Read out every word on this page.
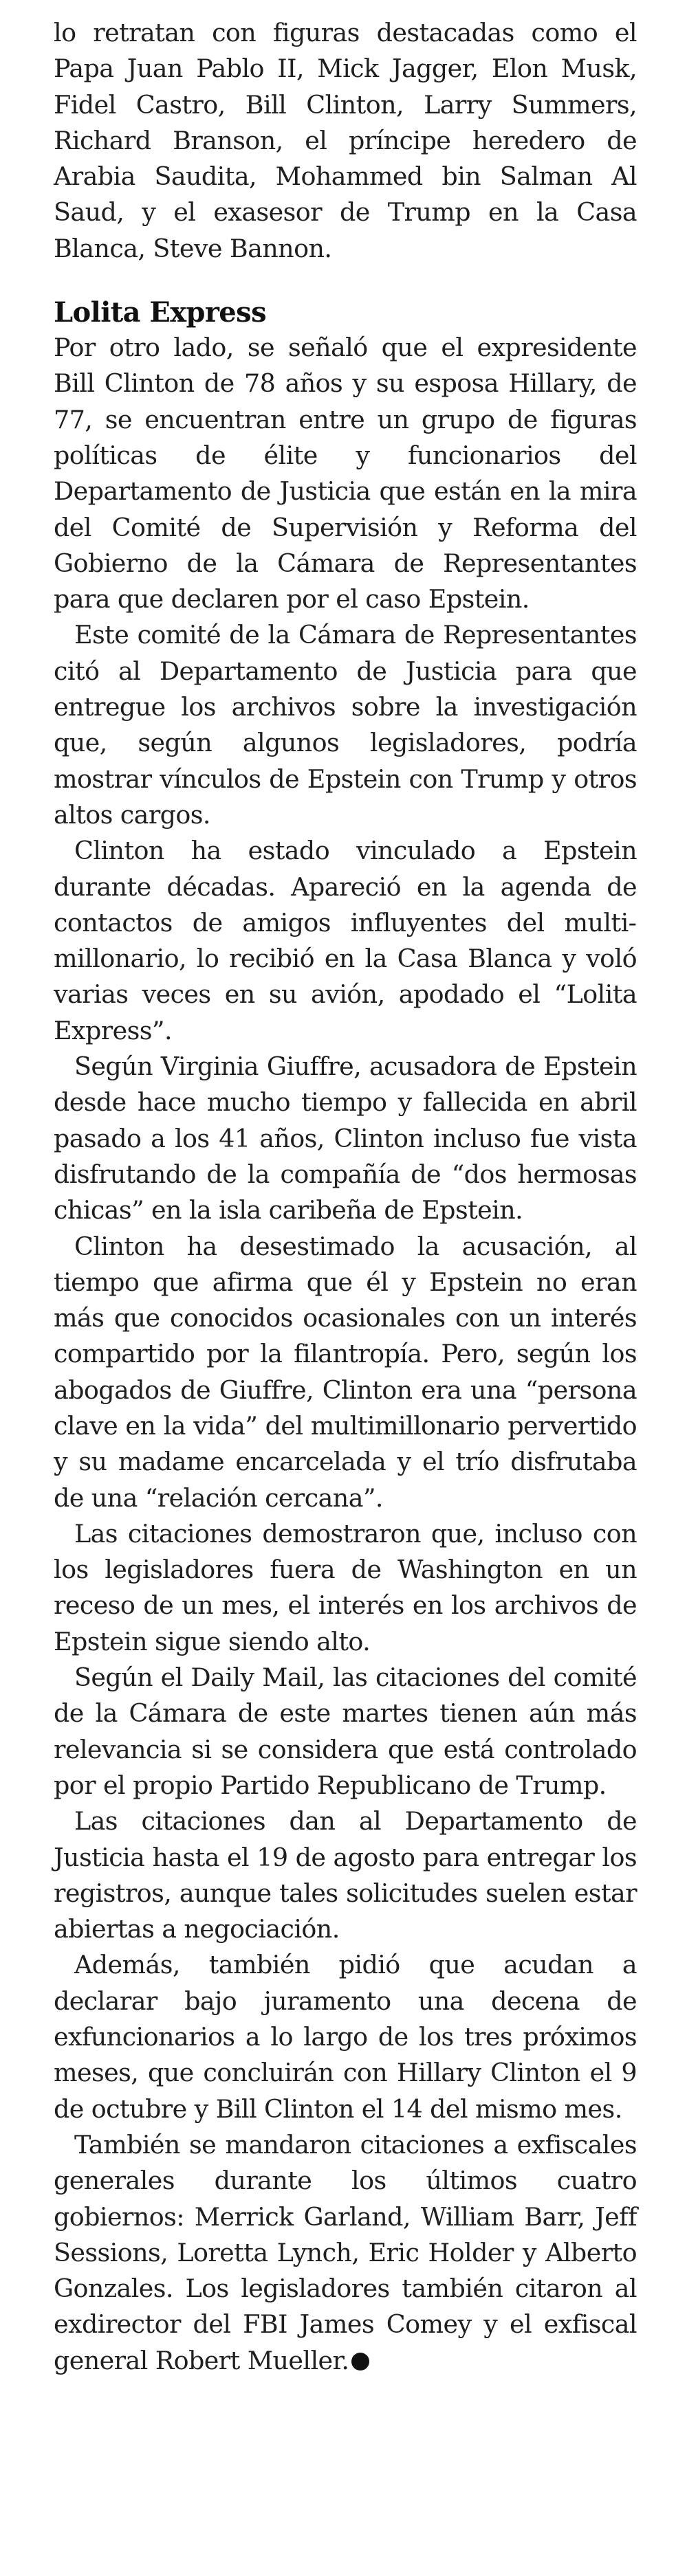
lo retratan con figuras destacadas como el Papa Juan Pablo II, Mick Jagger, Elon Musk, Fidel Castro, Bill Clinton, Larry Summers, Richard Branson, el príncipe heredero de Arabia Saudita, Mohammed bin Salman Al Saud, y el exasesor de Trump en la Casa Blanca, Steve Bannon.

Lolita Express

Por otro lado, se señaló que el expresidente Bill Clinton de 78 años y su esposa Hillary, de 77, se encuentran entre un grupo de figuras políticas de élite y funcionarios del Departamento de Justicia que están en la mira del Comité de Supervisión y Reforma del Gobierno de la Cámara de Representantes para que declaren por el caso Epstein.

Este comité de la Cámara de Representantes citó al Departamento de Justicia para que entregue los archivos sobre la investigación que, según algunos legisladores, podría mostrar vínculos de Epstein con Trump y otros altos cargos.

Clinton ha estado vinculado a Epstein durante décadas. Apareció en la agenda de contactos de amigos influyentes del multimillonario, lo recibió en la Casa Blanca y voló varias veces en su avión, apodado el “Lolita Express”.

Según Virginia Giuffre, acusadora de Epstein desde hace mucho tiempo y fallecida en abril pasado a los 41 años, Clinton incluso fue vista disfrutando de la compañía de “dos hermosas chicas” en la isla caribeña de Epstein.

Clinton ha desestimado la acusación, al tiempo que afirma que él y Epstein no eran más que conocidos ocasionales con un interés compartido por la filantropía. Pero, según los abogados de Giuffre, Clinton era una “persona clave en la vida” del multimillonario pervertido y su madame encarcelada y el trío disfrutaba de una “relación cercana”.

Las citaciones demostraron que, incluso con los legisladores fuera de Washington en un receso de un mes, el interés en los archivos de Epstein sigue siendo alto.

Según el Daily Mail, las citaciones del comité de la Cámara de este martes tienen aún más relevancia si se considera que está controlado por el propio Partido Republicano de Trump.

Las citaciones dan al Departamento de Justicia hasta el 19 de agosto para entregar los registros, aunque tales solicitudes suelen estar abiertas a negociación.

Además, también pidió que acudan a declarar bajo juramento una decena de exfuncionarios a lo largo de los tres próximos meses, que concluirán con Hillary Clinton el 9 de octubre y Bill Clinton el 14 del mismo mes.

También se mandaron citaciones a exfiscales generales durante los últimos cuatro gobiernos: Merrick Garland, William Barr, Jeff Sessions, Loretta Lynch, Eric Holder y Alberto Gonzales. Los legisladores también citaron al exdirector del FBI James Comey y el exfiscal general Robert Mueller.
